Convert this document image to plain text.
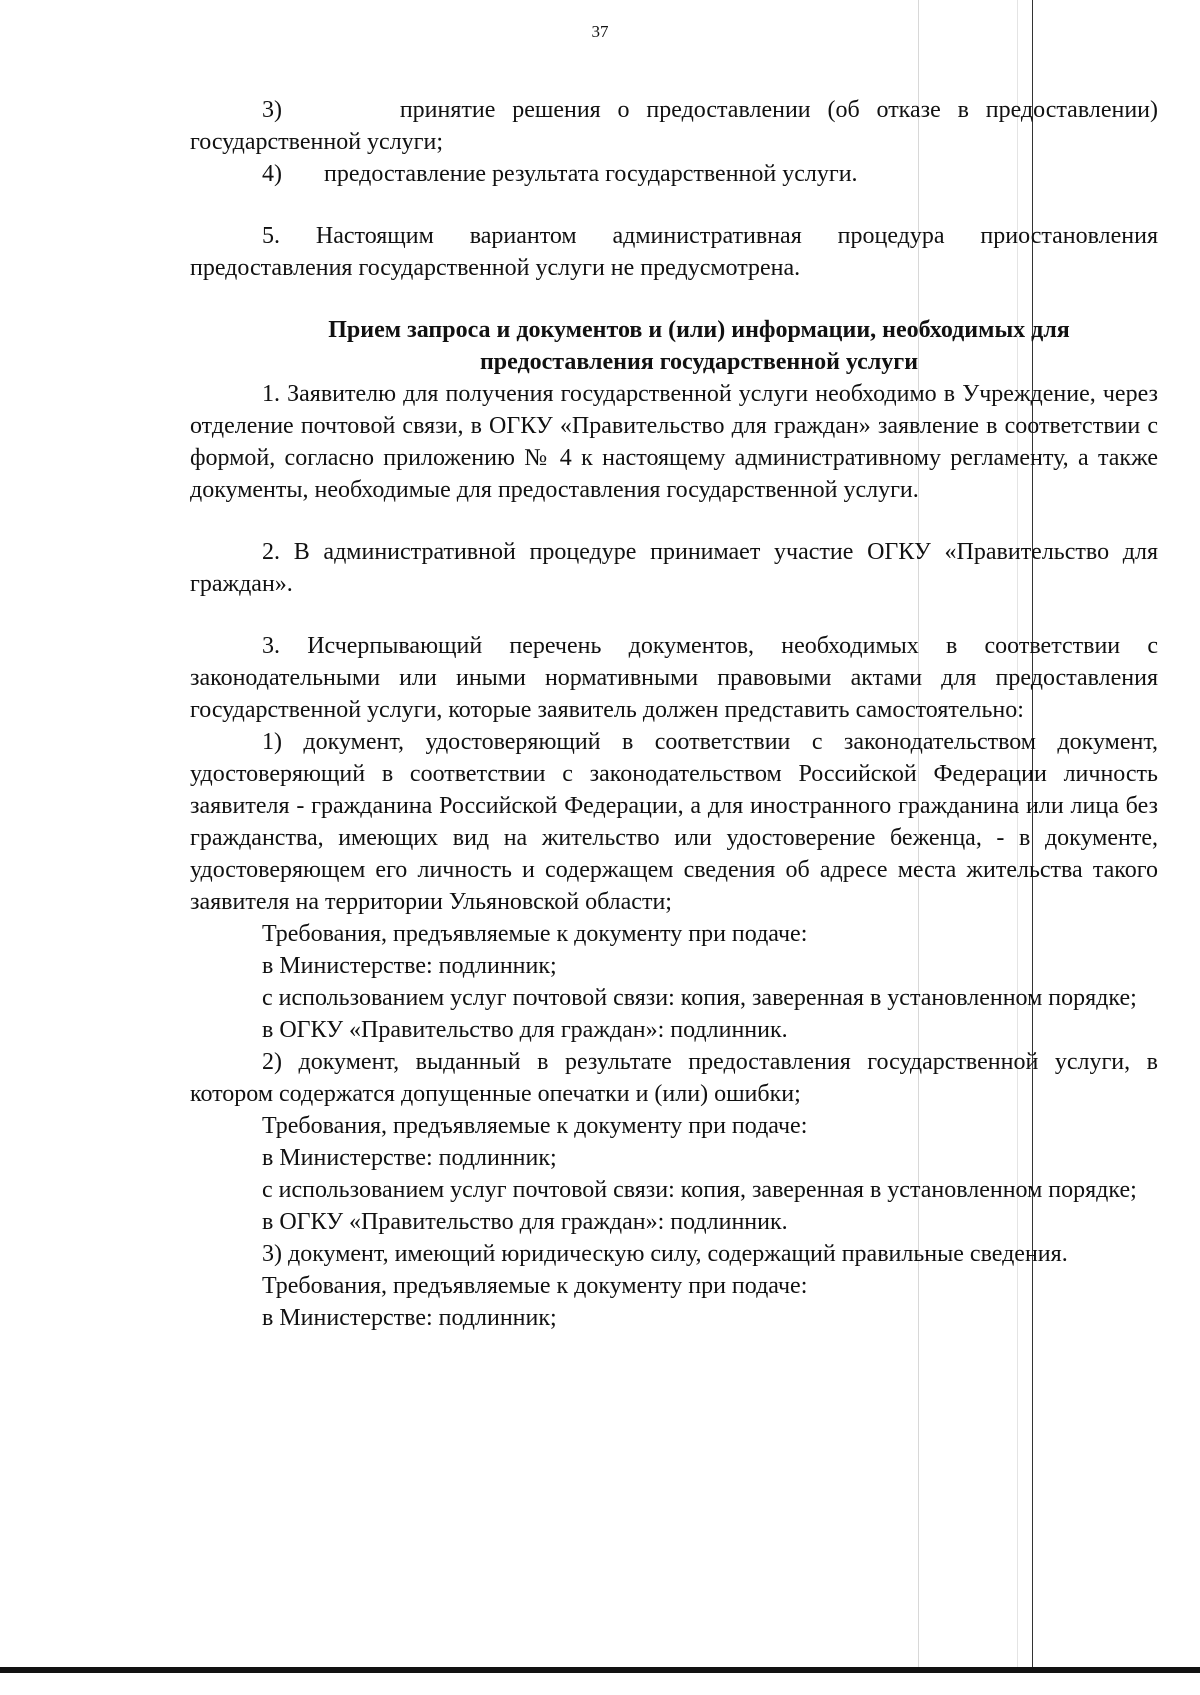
37

3)	принятие решения о предоставлении (об отказе в предоставлении) государственной услуги;

4) предоставление результата государственной услуги.

5. Настоящим вариантом административная процедура приостановления предоставления государственной услуги не предусмотрена.

Прием запроса и документов и (или) информации, необходимых для предоставления государственной услуги

1. Заявителю для получения государственной услуги необходимо в Учреждение, через отделение почтовой связи, в ОГКУ «Правительство для граждан» заявление в соответствии с формой, согласно приложению № 4 к настоящему административному регламенту, а также документы, необходимые для предоставления государственной услуги.

2. В административной процедуре принимает участие ОГКУ «Правительство для граждан».

3. Исчерпывающий перечень документов, необходимых в соответствии с законодательными или иными нормативными правовыми актами для предоставления государственной услуги, которые заявитель должен представить самостоятельно:

1) документ, удостоверяющий в соответствии с законодательством документ, удостоверяющий в соответствии с законодательством Российской Федерации личность заявителя - гражданина Российской Федерации, а для иностранного гражданина или лица без гражданства, имеющих вид на жительство или удостоверение беженца, - в документе, удостоверяющем его личность и содержащем сведения об адресе места жительства такого заявителя на территории Ульяновской области;

Требования, предъявляемые к документу при подаче:

в Министерстве: подлинник;

с использованием услуг почтовой связи: копия, заверенная в установленном порядке;

в ОГКУ «Правительство для граждан»: подлинник.

2) документ, выданный в результате предоставления государственной услуги, в котором содержатся допущенные опечатки и (или) ошибки;

Требования, предъявляемые к документу при подаче:

в Министерстве: подлинник;

с использованием услуг почтовой связи: копия, заверенная в установленном порядке;

в ОГКУ «Правительство для граждан»: подлинник.

3) документ, имеющий юридическую силу, содержащий правильные сведения.

Требования, предъявляемые к документу при подаче:

в Министерстве: подлинник;
